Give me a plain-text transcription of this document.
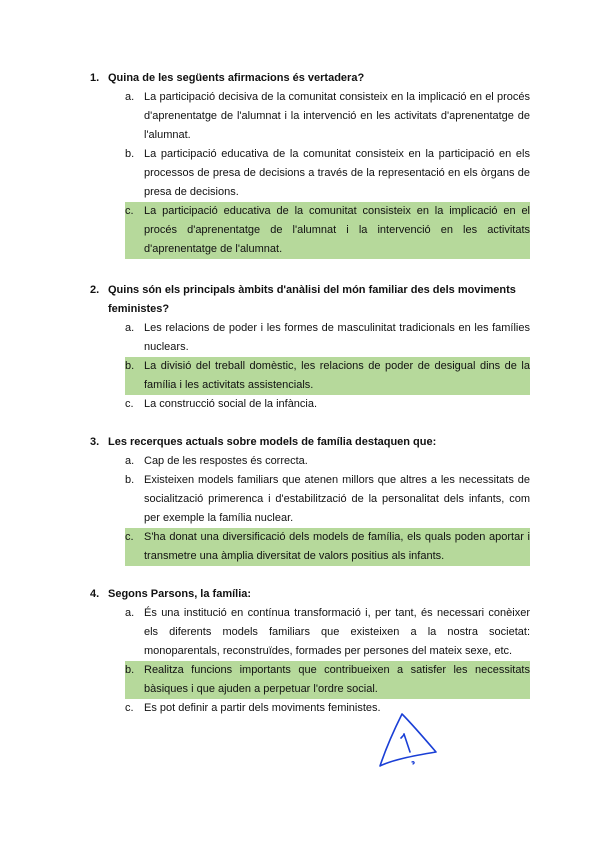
1. Quina de les següents afirmacions és vertadera?
a. La participació decisiva de la comunitat consisteix en la implicació en el procés d'aprenentatge de l'alumnat i la intervenció en les activitats d'aprenentatge de l'alumnat.
b. La participació educativa de la comunitat consisteix en la participació en els processos de presa de decisions a través de la representació en els òrgans de presa de decisions.
c. La participació educativa de la comunitat consisteix en la implicació en el procés d'aprenentatge de l'alumnat i la intervenció en les activitats d'aprenentatge de l'alumnat.
2. Quins són els principals àmbits d'anàlisi del món familiar des dels moviments feministes?
a. Les relacions de poder i les formes de masculinitat tradicionals en les famílies nuclears.
b. La divisió del treball domèstic, les relacions de poder de desigual dins de la família i les activitats assistencials.
c. La construcció social de la infància.
3. Les recerques actuals sobre models de família destaquen que:
a. Cap de les respostes és correcta.
b. Existeixen models familiars que atenen millors que altres a les necessitats de socialització primerenca i d'estabilització de la personalitat dels infants, com per exemple la família nuclear.
c. S'ha donat una diversificació dels models de família, els quals poden aportar i transmetre una àmplia diversitat de valors positius als infants.
4. Segons Parsons, la família:
a. És una institució en contínua transformació i, per tant, és necessari conèixer els diferents models familiars que existeixen a la nostra societat: monoparentals, reconstruïdes, formades per persones del mateix sexe, etc.
b. Realitza funcions importants que contribueixen a satisfer les necessitats bàsiques i que ajuden a perpetuar l'ordre social.
c. Es pot definir a partir dels moviments feministes.
